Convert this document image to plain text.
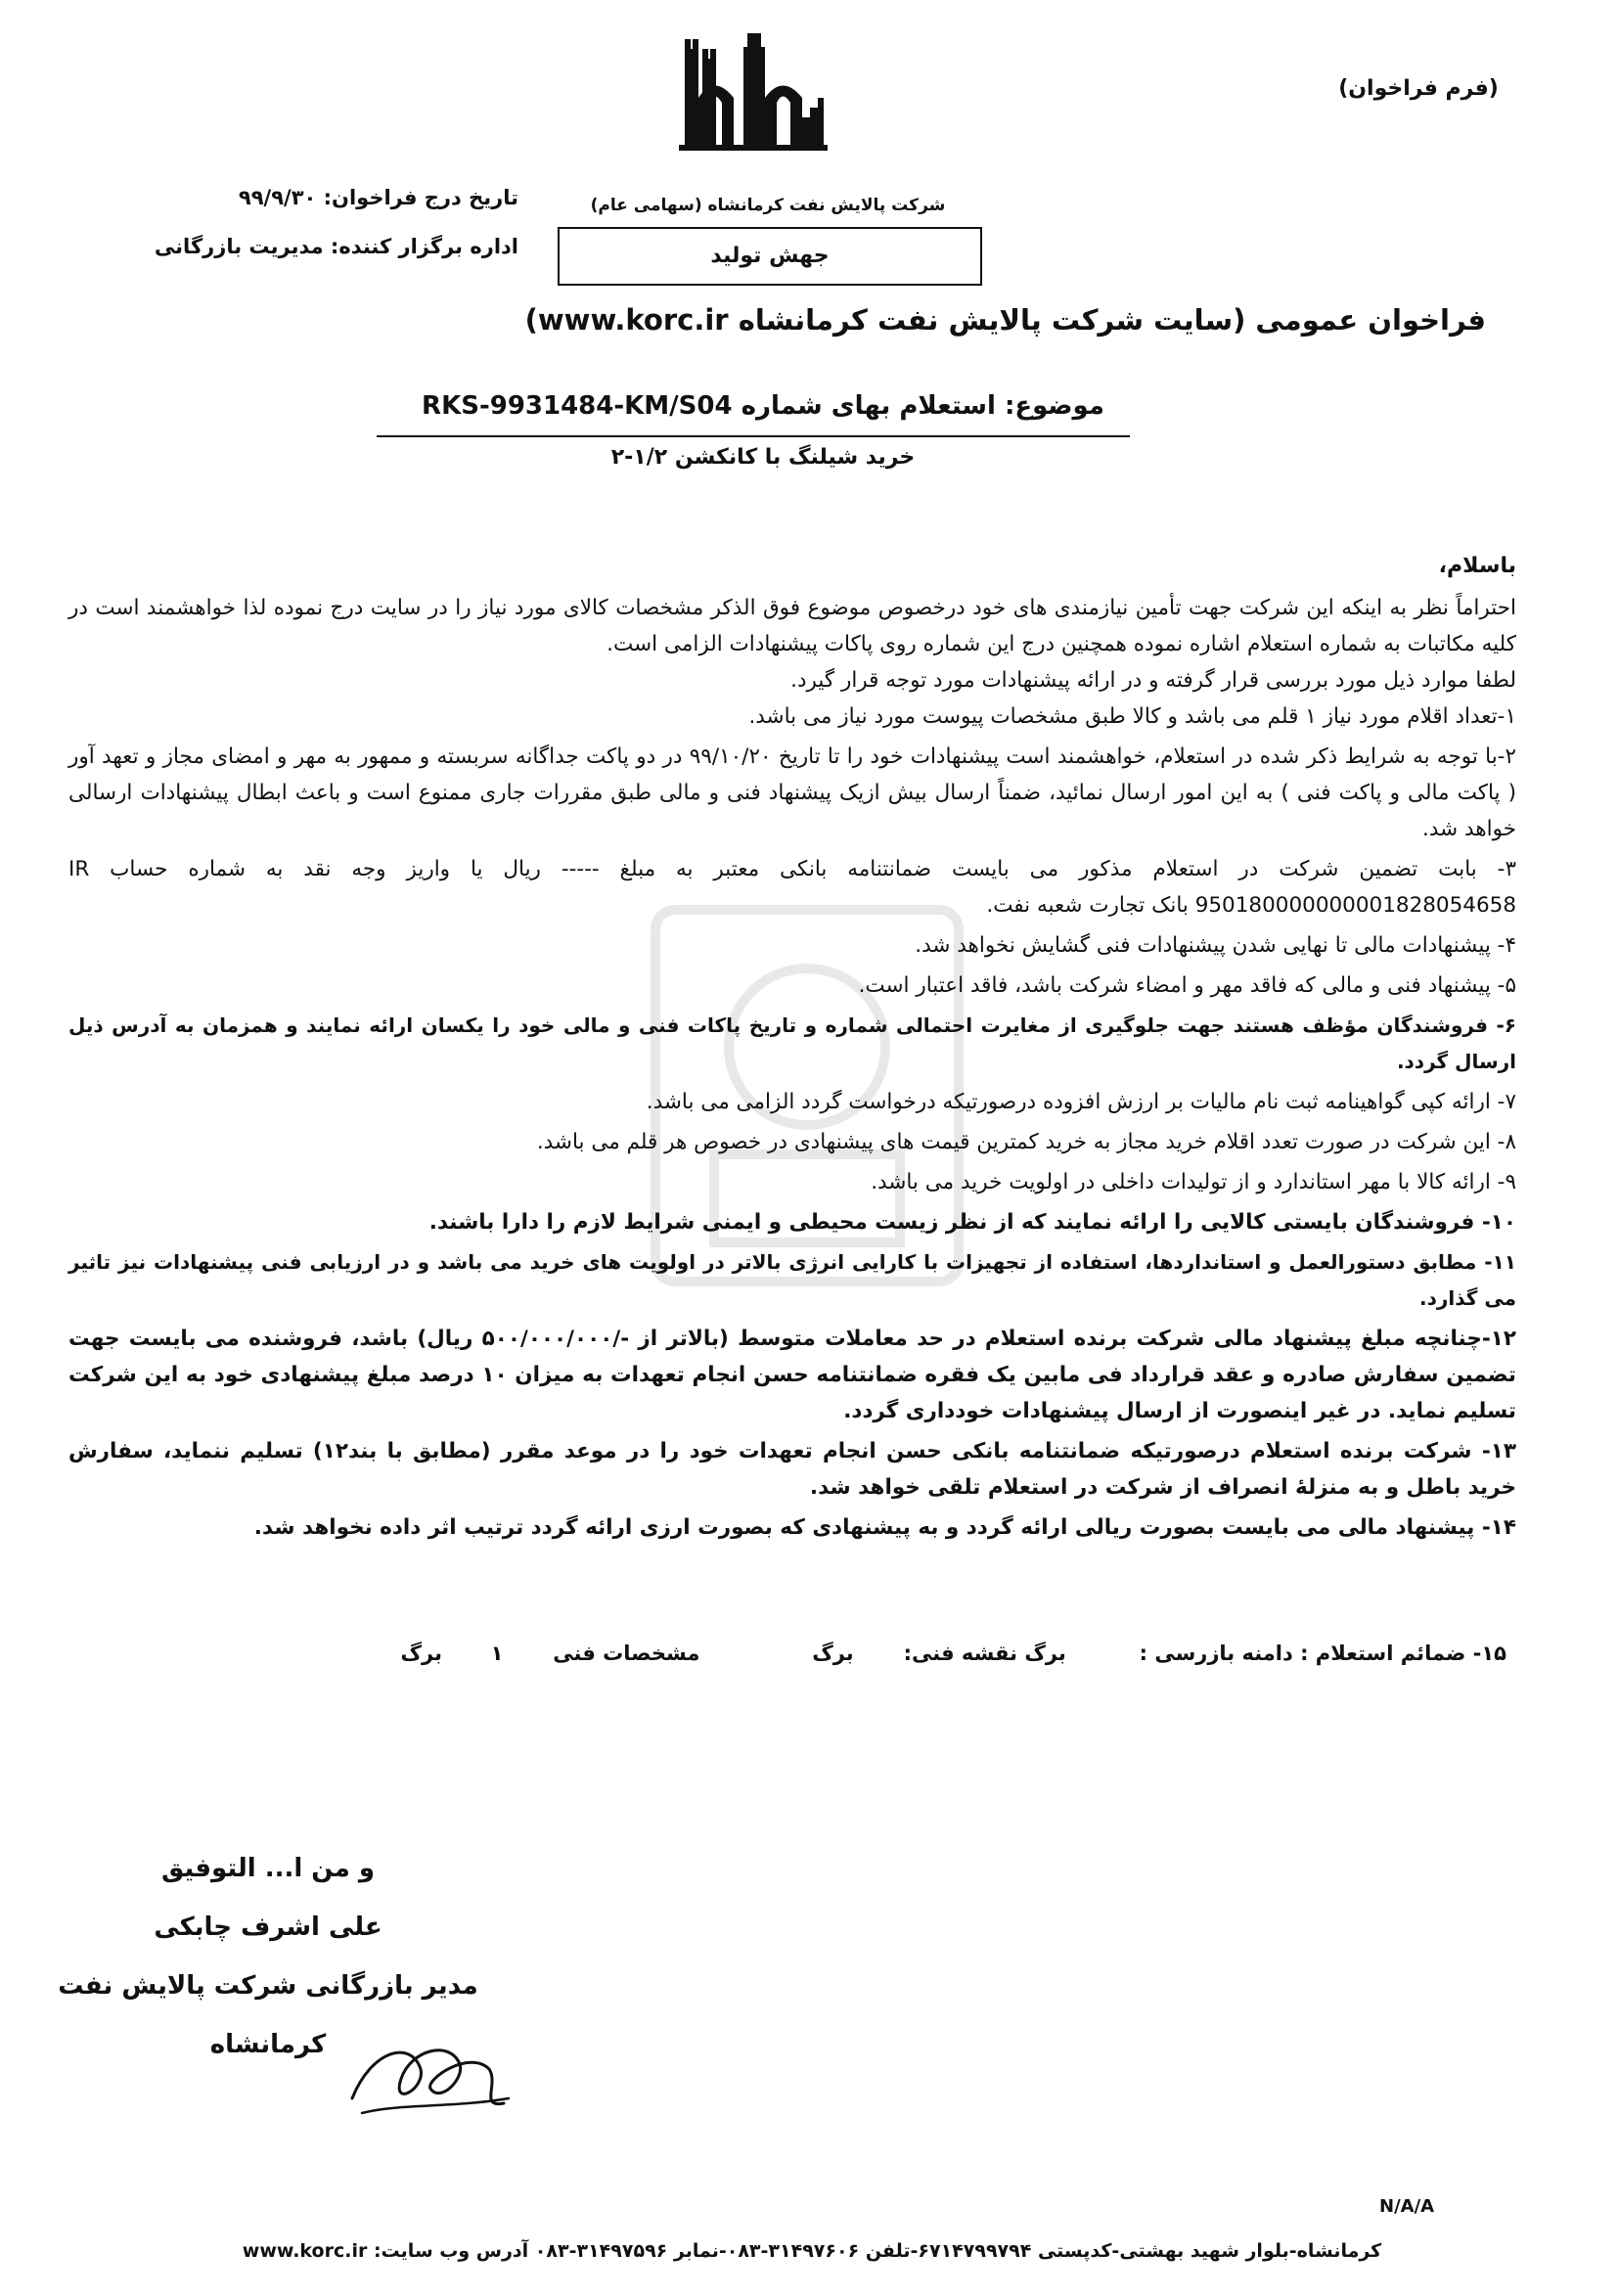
(فرم فراخوان)
شرکت پالایش نفت کرمانشاه (سهامی عام)
جهش تولید
تاریخ درج فراخوان: ۹۹/۹/۳۰
اداره برگزار کننده: مدیریت بازرگانی
فراخوان عمومی (سایت شرکت پالایش نفت کرمانشاه www.korc.ir)
موضوع: استعلام بهای شماره RKS-9931484-KM/S04
خرید شیلنگ با کانکشن ۱/۲-۲

باسلام،

احتراماً نظر به اینکه این شرکت جهت تأمین نیازمندی های خود درخصوص موضوع فوق الذکر مشخصات کالای مورد نیاز را در سایت درج نموده لذا خواهشمند است در کلیه مکاتبات به شماره استعلام اشاره نموده همچنین درج این شماره روی پاکات پیشنهادات الزامی است.

لطفا موارد ذیل مورد بررسی قرار گرفته و در ارائه پیشنهادات مورد توجه قرار گیرد.

۱-تعداد اقلام مورد نیاز ۱ قلم می باشد و کالا طبق مشخصات پیوست مورد نیاز می باشد.

۲-با توجه به شرایط ذکر شده در استعلام، خواهشمند است پیشنهادات خود را تا تاریخ ۹۹/۱۰/۲۰ در دو پاکت جداگانه سربسته و ممهور به مهر و امضای مجاز و تعهد آور ( پاکت مالی و پاکت فنی ) به این امور ارسال نمائید، ضمناً ارسال بیش ازیک پیشنهاد فنی و مالی طبق مقررات جاری ممنوع است و باعث ابطال پیشنهادات ارسالی خواهد شد.

۳- بابت تضمین شرکت در استعلام مذکور می بایست ضمانتنامه بانکی معتبر به مبلغ ----- ریال یا واریز وجه نقد به شماره حساب IR 950180000000001828054658 بانک تجارت شعبه نفت.

۴- پیشنهادات مالی تا نهایی شدن پیشنهادات فنی گشایش نخواهد شد.

۵- پیشنهاد فنی و مالی که فاقد مهر و امضاء شرکت باشد، فاقد اعتبار است.

۶- فروشندگان مؤظف هستند جهت جلوگیری از مغایرت احتمالی شماره و تاریخ پاکات فنی و مالی خود را یکسان ارائه نمایند و همزمان به آدرس ذیل ارسال گردد.

۷- ارائه کپی گواهینامه ثبت نام مالیات بر ارزش افزوده درصورتیکه درخواست گردد الزامی می باشد.

۸- این شرکت در صورت تعدد اقلام خرید مجاز به خرید کمترین قیمت های پیشنهادی در خصوص هر قلم می باشد.

۹- ارائه کالا با مهر استاندارد و از تولیدات داخلی در اولویت خرید می باشد.

۱۰- فروشندگان بایستی کالایی را ارائه نمایند که از نظر زیست محیطی و ایمنی شرایط لازم را دارا باشند.

۱۱- مطابق دستورالعمل و استانداردها، استفاده از تجهیزات با کارایی انرژی بالاتر در اولویت های خرید می باشد و در ارزیابی فنی پیشنهادات نیز تاثیر می گذارد.

۱۲-چنانچه مبلغ پیشنهاد مالی شرکت برنده استعلام در حد معاملات متوسط (بالاتر از -/۵۰۰/۰۰۰/۰۰۰ ریال) باشد، فروشنده می بایست جهت تضمین سفارش صادره و عقد قرارداد فی مابین یک فقره ضمانتنامه حسن انجام تعهدات به میزان ۱۰ درصد مبلغ پیشنهادی خود به این شرکت تسلیم نماید. در غیر اینصورت از ارسال پیشنهادات خودداری گردد.

۱۳- شرکت برنده استعلام درصورتیکه ضمانتنامه بانکی حسن انجام تعهدات خود را در موعد مقرر (مطابق با بند۱۲) تسلیم ننماید، سفارش خرید باطل و به منزلهٔ انصراف از شرکت در استعلام تلقی خواهد شد.

۱۴- پیشنهاد مالی می بایست بصورت ریالی ارائه گردد و به پیشنهادی که بصورت ارزی ارائه گردد ترتیب اثر داده نخواهد شد.

۱۵- ضمائم استعلام : دامنه بازرسی : برگ نقشه فنی: برگ مشخصات فنی ۱ برگ
و من ا... التوفیق
علی اشرف چابکی
مدیر بازرگانی شرکت پالایش نفت کرمانشاه
N/A/A
کرمانشاه-بلوار شهید بهشتی-کدپستی ۶۷۱۴۷۹۹۷۹۴-تلفن ۳۱۴۹۷۶۰۶-۰۸۳-نمابر ۳۱۴۹۷۵۹۶-۰۸۳ آدرس وب سایت: www.korc.ir
